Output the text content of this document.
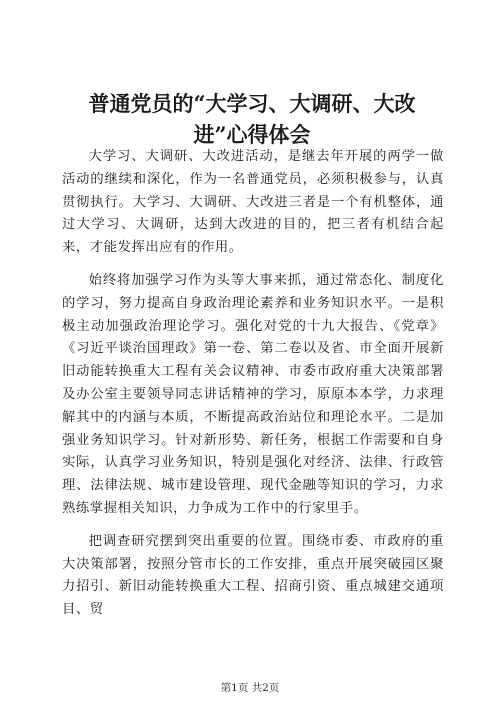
普通党员的“大学习、大调研、大改进”心得体会

大学习、大调研、大改进活动，是继去年开展的两学一做活动的继续和深化，作为一名普通党员，必须积极参与，认真贯彻执行。大学习、大调研、大改进三者是一个有机整体，通过大学习、大调研，达到大改进的目的，把三者有机结合起来，才能发挥出应有的作用。

始终将加强学习作为头等大事来抓，通过常态化、制度化的学习，努力提高自身政治理论素养和业务知识水平。一是积极主动加强政治理论学习。强化对党的十九大报告、《党章》《习近平谈治国理政》第一卷、第二卷以及省、市全面开展新旧动能转换重大工程有关会议精神、市委市政府重大决策部署及办公室主要领导同志讲话精神的学习，原原本本学，力求理解其中的内涵与本质，不断提高政治站位和理论水平。二是加强业务知识学习。针对新形势、新任务，根据工作需要和自身实际，认真学习业务知识，特别是强化对经济、法律、行政管理、法律法规、城市建设管理、现代金融等知识的学习，力求熟练掌握相关知识，力争成为工作中的行家里手。

把调查研究摆到突出重要的位置。围绕市委、市政府的重大决策部署，按照分管市长的工作安排，重点开展突破园区聚力招引、新旧动能转换重大工程、招商引资、重点城建交通项目、贸

第1页 共2页
